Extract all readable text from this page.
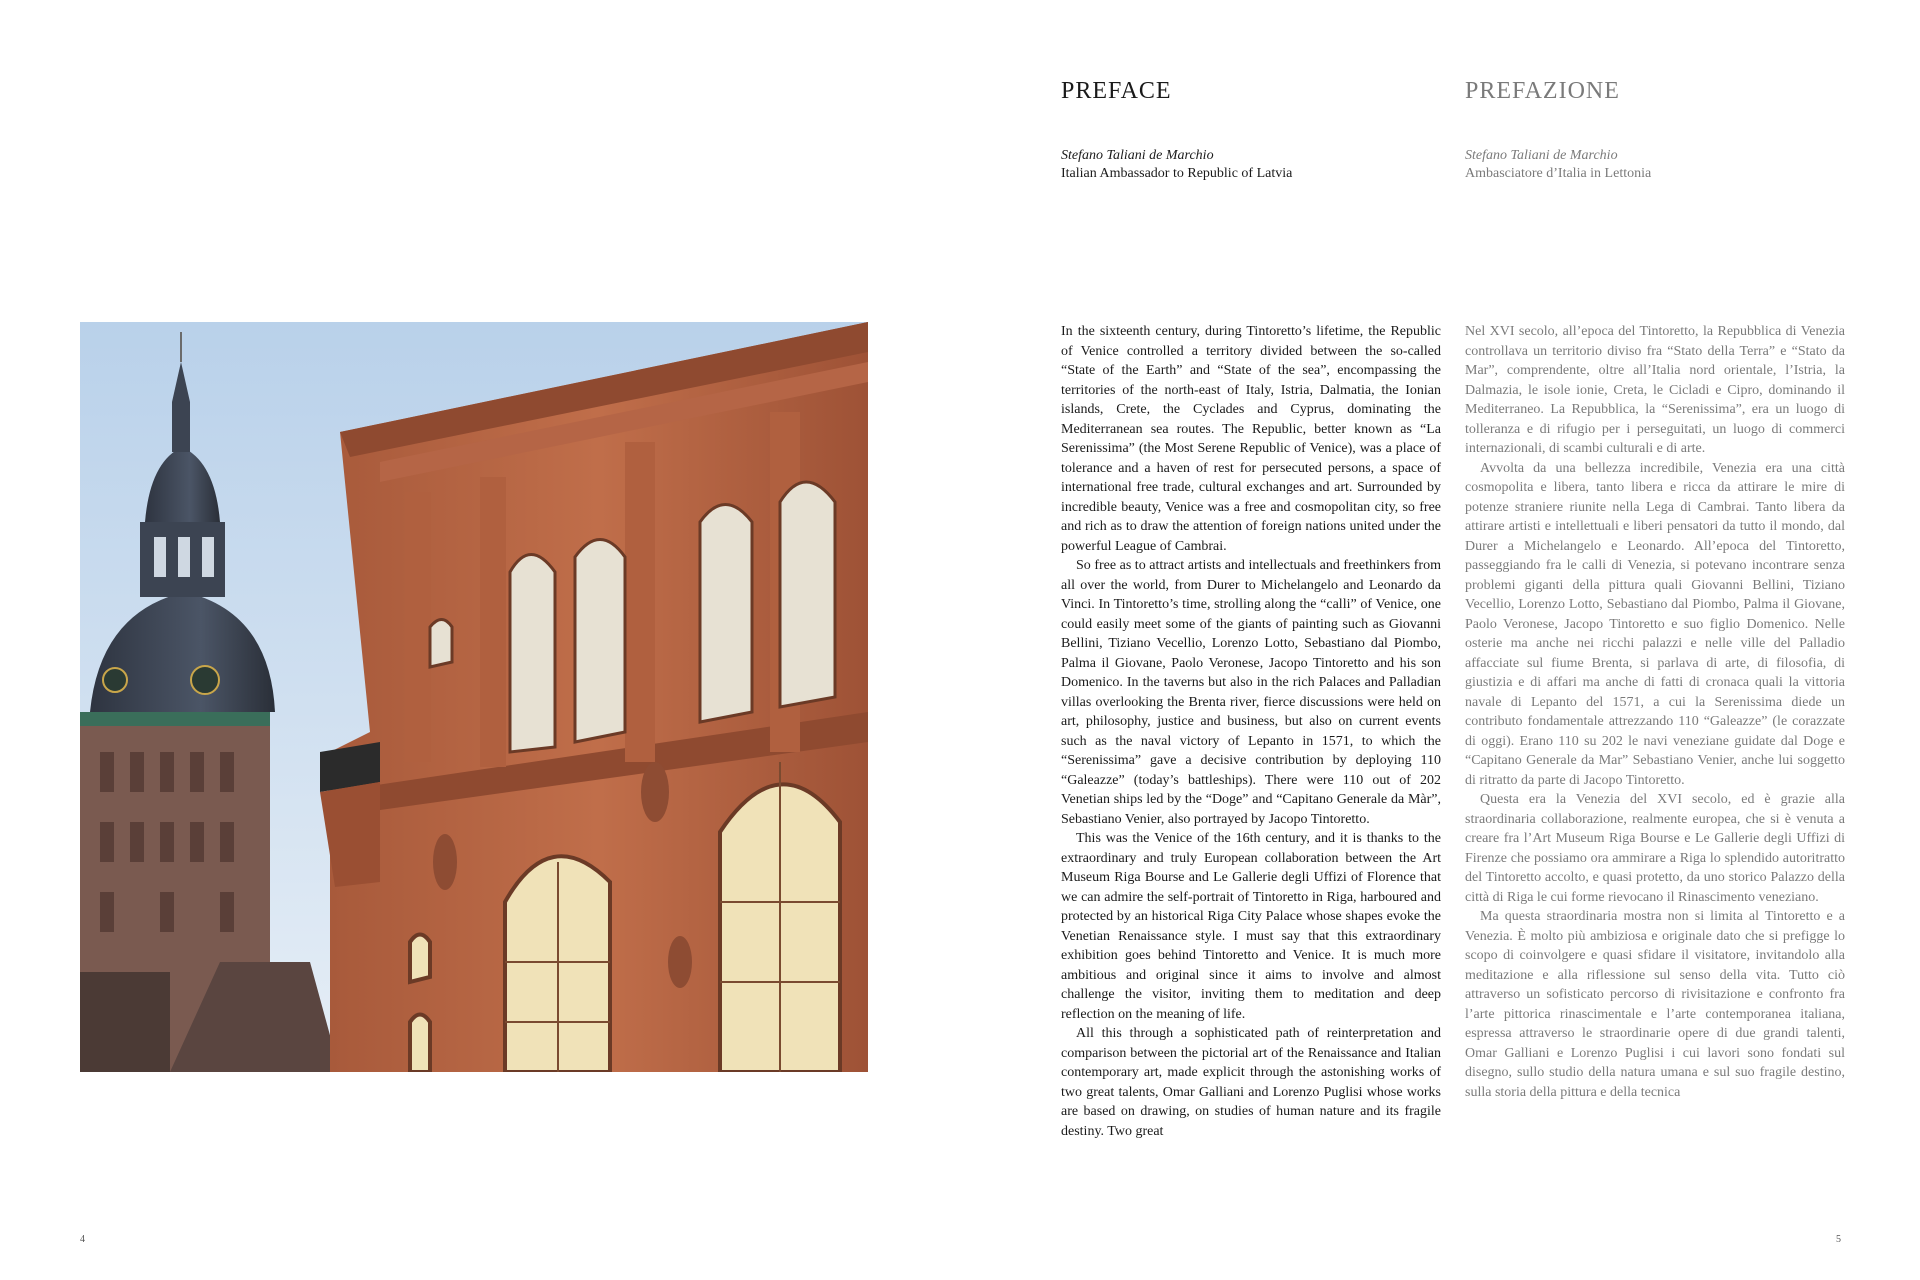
PREFACE
Stefano Taliani de Marchio
Italian Ambassador to Republic of Latvia
PREFAZIONE
Stefano Taliani de Marchio
Ambasciatore d’Italia in Lettonia

In the sixteenth century, during Tintoretto’s lifetime, the Republic of Venice controlled a territory divided between the so-called “State of the Earth” and “State of the sea”, encompassing the territories of the north-east of Italy, Istria, Dalmatia, the Ionian islands, Crete, the Cyclades and Cyprus, dominating the Mediterranean sea routes. The Republic, better known as “La Serenissima” (the Most Serene Republic of Venice), was a place of tolerance and a haven of rest for persecuted persons, a space of international free trade, cultural exchanges and art. Surrounded by incredible beauty, Venice was a free and cosmopolitan city, so free and rich as to draw the attention of foreign nations united under the powerful League of Cambrai.

So free as to attract artists and intellectuals and freethinkers from all over the world, from Durer to Michelangelo and Leonardo da Vinci. In Tintoretto’s time, strolling along the “calli” of Venice, one could easily meet some of the giants of painting such as Giovanni Bellini, Tiziano Vecellio, Lorenzo Lotto, Sebastiano dal Piombo, Palma il Giovane, Paolo Veronese, Jacopo Tintoretto and his son Domenico. In the taverns but also in the rich Palaces and Palladian villas overlooking the Brenta river, fierce discussions were held on art, philosophy, justice and business, but also on current events such as the naval victory of Lepanto in 1571, to which the “Serenissima” gave a decisive contribution by deploying 110 “Galeazze” (today’s battleships). There were 110 out of 202 Venetian ships led by the “Doge” and “Capitano Generale da Màr”, Sebastiano Venier, also portrayed by Jacopo Tintoretto.

This was the Venice of the 16th century, and it is thanks to the extraordinary and truly European collaboration between the Art Museum Riga Bourse and Le Gallerie degli Uffizi of Florence that we can admire the self-portrait of Tintoretto in Riga, harboured and protected by an historical Riga City Palace whose shapes evoke the Venetian Renaissance style. I must say that this extraordinary exhibition goes behind Tintoretto and Venice. It is much more ambitious and original since it aims to involve and almost challenge the visitor, inviting them to meditation and deep reflection on the meaning of life.

All this through a sophisticated path of reinterpretation and comparison between the pictorial art of the Renaissance and Italian contemporary art, made explicit through the astonishing works of two great talents, Omar Galliani and Lorenzo Puglisi whose works are based on drawing, on studies of human nature and its fragile destiny. Two great

Nel XVI secolo, all’epoca del Tintoretto, la Repubblica di Venezia controllava un territorio diviso fra “Stato della Terra” e “Stato da Mar”, comprendente, oltre all’Italia nord orientale, l’Istria, la Dalmazia, le isole ionie, Creta, le Cicladi e Cipro, dominando il Mediterraneo. La Repubblica, la “Serenissima”, era un luogo di tolleranza e di rifugio per i perseguitati, un luogo di commerci internazionali, di scambi culturali e di arte.

Avvolta da una bellezza incredibile, Venezia era una città cosmopolita e libera, tanto libera e ricca da attirare le mire di potenze straniere riunite nella Lega di Cambrai. Tanto libera da attirare artisti e intellettuali e liberi pensatori da tutto il mondo, dal Durer a Michelangelo e Leonardo. All’epoca del Tintoretto, passeggiando fra le calli di Venezia, si potevano incontrare senza problemi giganti della pittura quali Giovanni Bellini, Tiziano Vecellio, Lorenzo Lotto, Sebastiano dal Piombo, Palma il Giovane, Paolo Veronese, Jacopo Tintoretto e suo figlio Domenico. Nelle osterie ma anche nei ricchi palazzi e nelle ville del Palladio affacciate sul fiume Brenta, si parlava di arte, di filosofia, di giustizia e di affari ma anche di fatti di cronaca quali la vittoria navale di Lepanto del 1571, a cui la Serenissima diede un contributo fondamentale attrezzando 110 “Galeazze” (le corazzate di oggi). Erano 110 su 202 le navi veneziane guidate dal Doge e “Capitano Generale da Mar” Sebastiano Venier, anche lui soggetto di ritratto da parte di Jacopo Tintoretto.

Questa era la Venezia del XVI secolo, ed è grazie alla straordinaria collaborazione, realmente europea, che si è venuta a creare fra l’Art Museum Riga Bourse e Le Gallerie degli Uffizi di Firenze che possiamo ora ammirare a Riga lo splendido autoritratto del Tintoretto accolto, e quasi protetto, da uno storico Palazzo della città di Riga le cui forme rievocano il Rinascimento veneziano.

Ma questa straordinaria mostra non si limita al Tintoretto e a Venezia. È molto più ambiziosa e originale dato che si prefigge lo scopo di coinvolgere e quasi sfidare il visitatore, invitandolo alla meditazione e alla riflessione sul senso della vita. Tutto ciò attraverso un sofisticato percorso di rivisitazione e confronto fra l’arte pittorica rinascimentale e l’arte contemporanea italiana, espressa attraverso le straordinarie opere di due grandi talenti, Omar Galliani e Lorenzo Puglisi i cui lavori sono fondati sul disegno, sullo studio della natura umana e sul suo fragile destino, sulla storia della pittura e della tecnica

4	5
